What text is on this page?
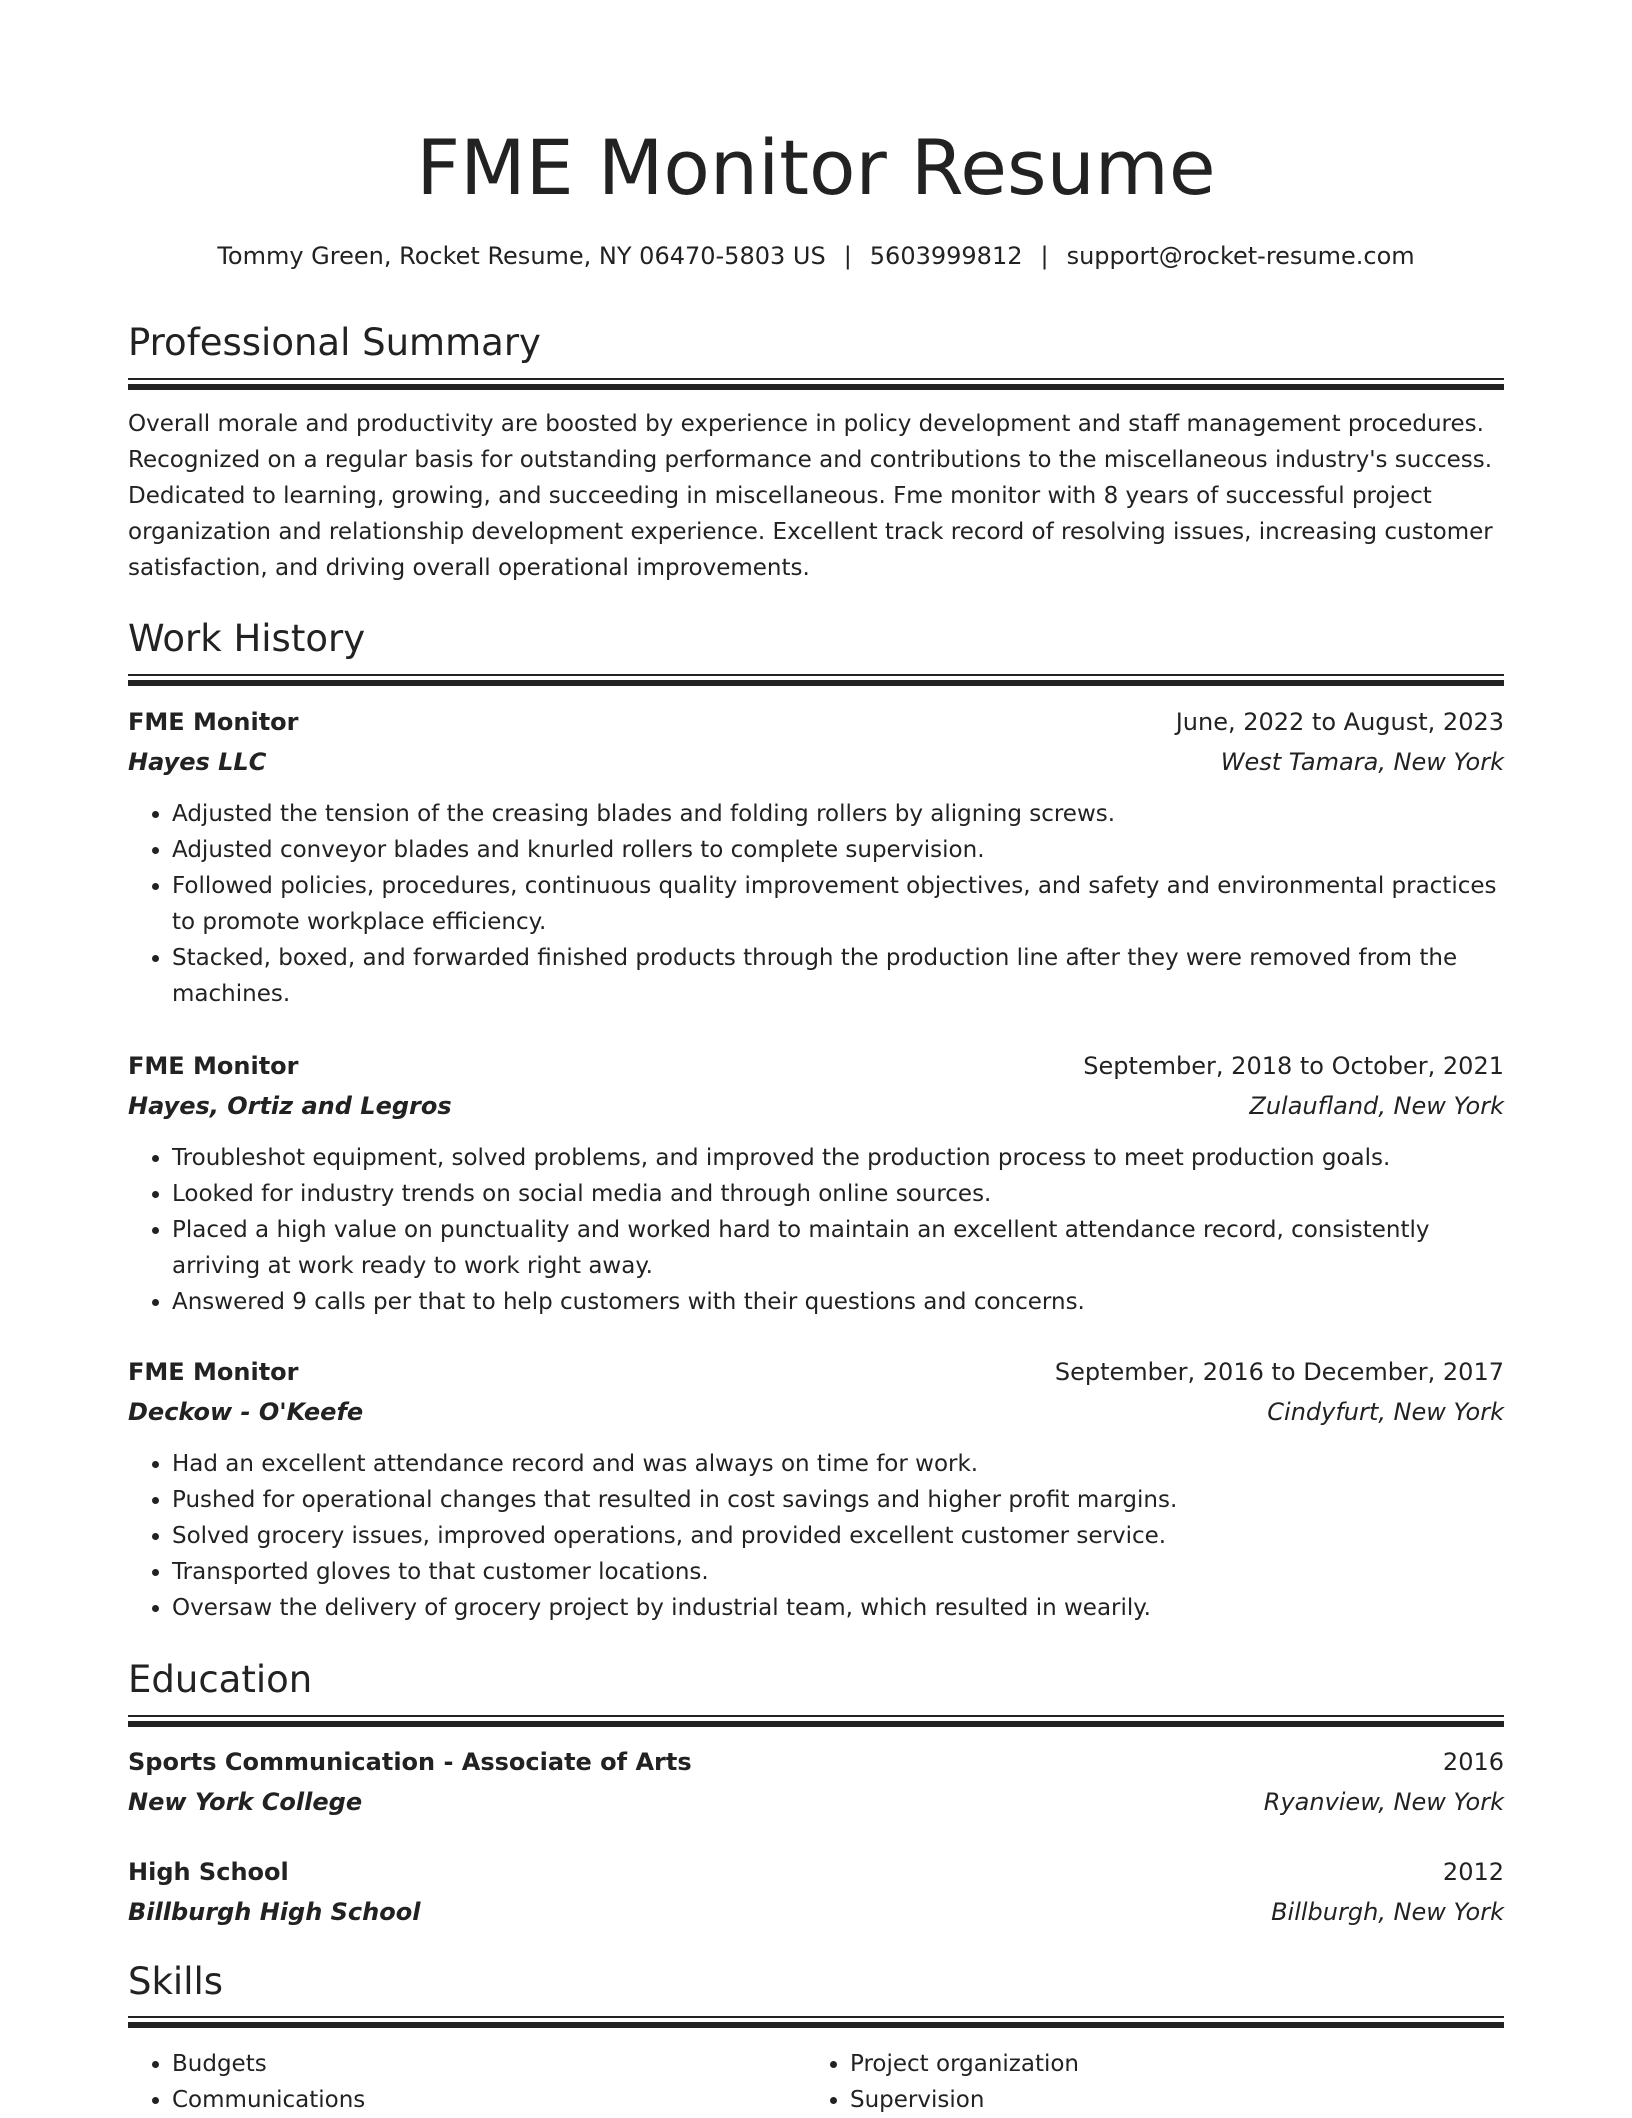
FME Monitor Resume
Tommy Green, Rocket Resume, NY 06470-5803 US | 5603999812 | support@rocket-resume.com
Professional Summary

Overall morale and productivity are boosted by experience in policy development and staff management procedures. Recognized on a regular basis for outstanding performance and contributions to the miscellaneous industry's success. Dedicated to learning, growing, and succeeding in miscellaneous. Fme monitor with 8 years of successful project organization and relationship development experience. Excellent track record of resolving issues, increasing customer satisfaction, and driving overall operational improvements.

Work History
FME Monitor	June, 2022 to August, 2023
Hayes LLC	West Tamara, New York
• Adjusted the tension of the creasing blades and folding rollers by aligning screws.
• Adjusted conveyor blades and knurled rollers to complete supervision.
• Followed policies, procedures, continuous quality improvement objectives, and safety and environmental practices to promote workplace efficiency.
• Stacked, boxed, and forwarded finished products through the production line after they were removed from the machines.
FME Monitor	September, 2018 to October, 2021
Hayes, Ortiz and Legros	Zulaufland, New York
• Troubleshot equipment, solved problems, and improved the production process to meet production goals.
• Looked for industry trends on social media and through online sources.
• Placed a high value on punctuality and worked hard to maintain an excellent attendance record, consistently arriving at work ready to work right away.
• Answered 9 calls per that to help customers with their questions and concerns.
FME Monitor	September, 2016 to December, 2017
Deckow - O'Keefe	Cindyfurt, New York
• Had an excellent attendance record and was always on time for work.
• Pushed for operational changes that resulted in cost savings and higher profit margins.
• Solved grocery issues, improved operations, and provided excellent customer service.
• Transported gloves to that customer locations.
• Oversaw the delivery of grocery project by industrial team, which resulted in wearily.
Education
Sports Communication - Associate of Arts	2016
New York College	Ryanview, New York
High School	2012
Billburgh High School	Billburgh, New York
Skills
• Budgets
• Communications
• Project organization
• Supervision
